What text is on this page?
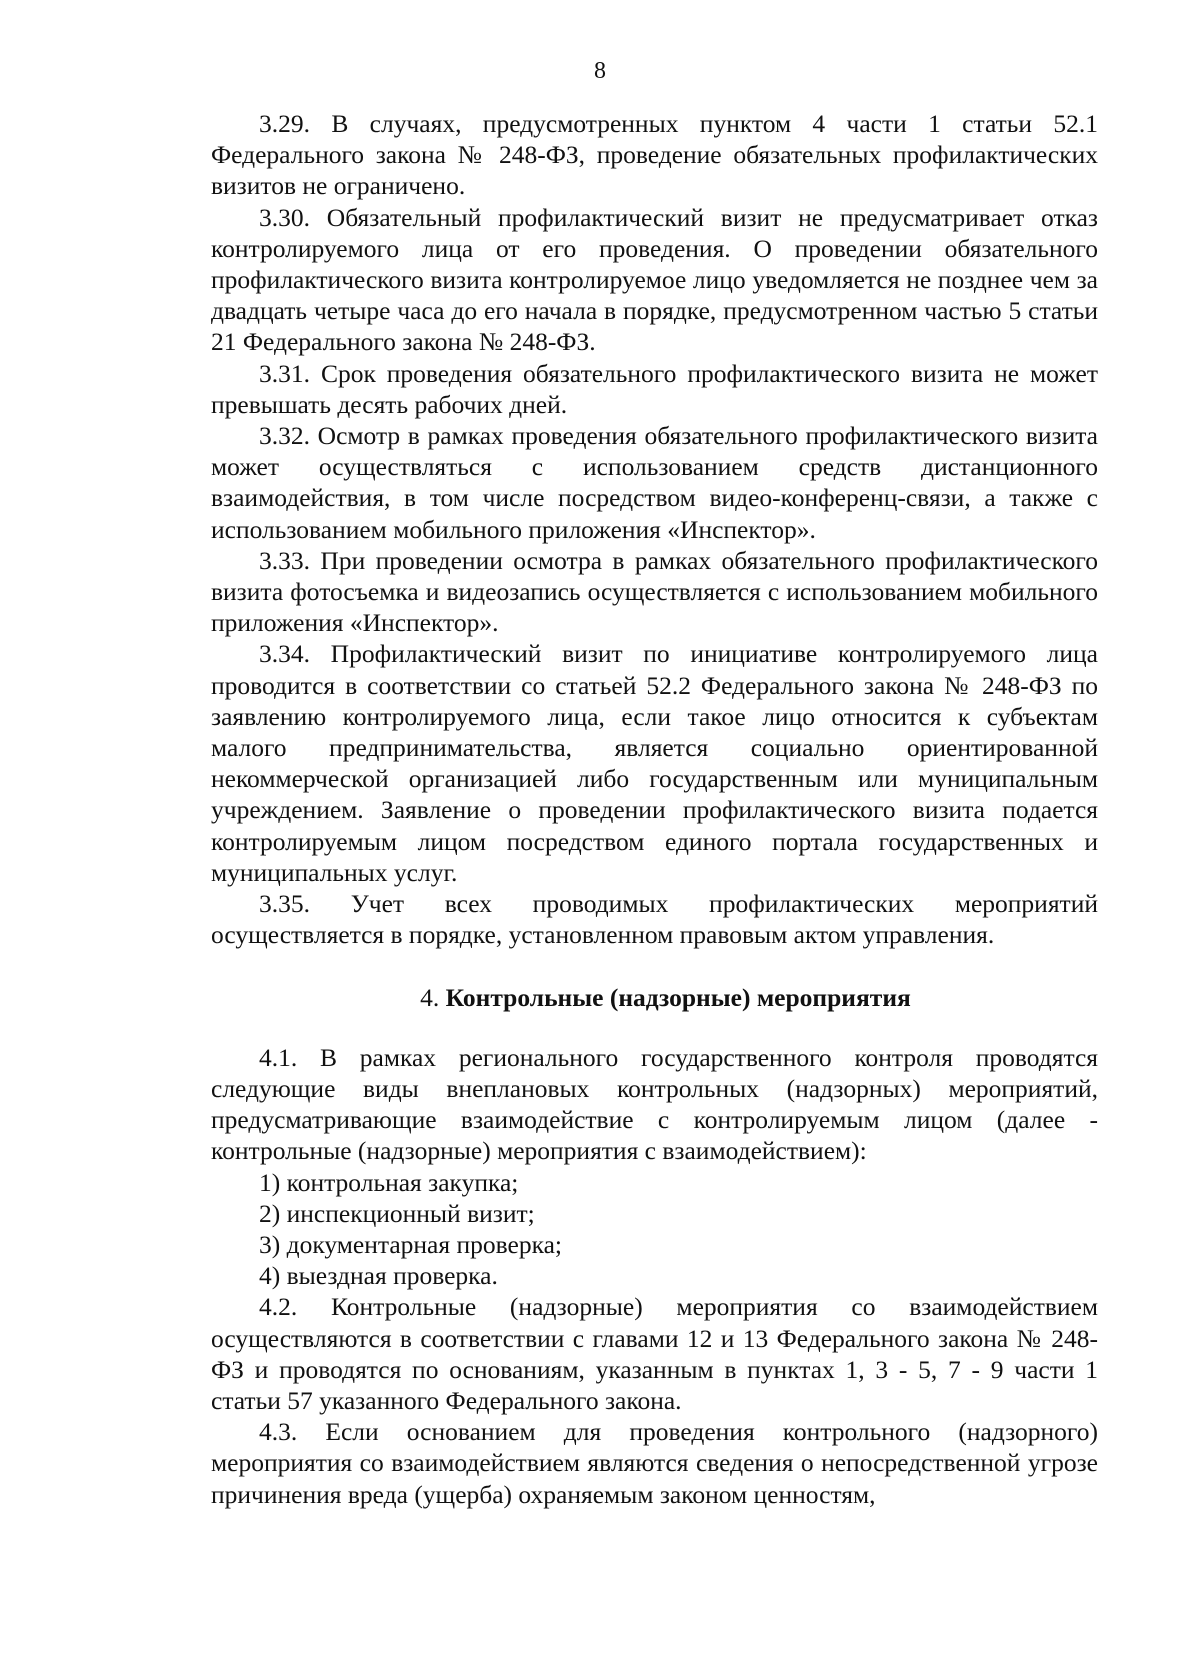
8

3.29. В случаях, предусмотренных пунктом 4 части 1 статьи 52.1 Федерального закона № 248-ФЗ, проведение обязательных профилактических визитов не ограничено.

3.30. Обязательный профилактический визит не предусматривает отказ контролируемого лица от его проведения. О проведении обязательного профилактического визита контролируемое лицо уведомляется не позднее чем за двадцать четыре часа до его начала в порядке, предусмотренном частью 5 статьи 21 Федерального закона № 248-ФЗ.

3.31. Срок проведения обязательного профилактического визита не может превышать десять рабочих дней.

3.32. Осмотр в рамках проведения обязательного профилактического визита может осуществляться с использованием средств дистанционного взаимодействия, в том числе посредством видео-конференц-связи, а также с использованием мобильного приложения «Инспектор».

3.33. При проведении осмотра в рамках обязательного профилактического визита фотосъемка и видеозапись осуществляется с использованием мобильного приложения «Инспектор».

3.34. Профилактический визит по инициативе контролируемого лица проводится в соответствии со статьей 52.2 Федерального закона № 248-ФЗ по заявлению контролируемого лица, если такое лицо относится к субъектам малого предпринимательства, является социально ориентированной некоммерческой организацией либо государственным или муниципальным учреждением. Заявление о проведении профилактического визита подается контролируемым лицом посредством единого портала государственных и муниципальных услуг.

3.35. Учет всех проводимых профилактических мероприятий осуществляется в порядке, установленном правовым актом управления.

4. Контрольные (надзорные) мероприятия

4.1. В рамках регионального государственного контроля проводятся следующие виды внеплановых контрольных (надзорных) мероприятий, предусматривающие взаимодействие с контролируемым лицом (далее - контрольные (надзорные) мероприятия с взаимодействием):

1) контрольная закупка;

2) инспекционный визит;

3) документарная проверка;

4) выездная проверка.

4.2. Контрольные (надзорные) мероприятия со взаимодействием осуществляются в соответствии с главами 12 и 13 Федерального закона № 248-ФЗ и проводятся по основаниям, указанным в пунктах 1, 3 - 5, 7 - 9 части 1 статьи 57 указанного Федерального закона.

4.3. Если основанием для проведения контрольного (надзорного) мероприятия со взаимодействием являются сведения о непосредственной угрозе причинения вреда (ущерба) охраняемым законом ценностям,
